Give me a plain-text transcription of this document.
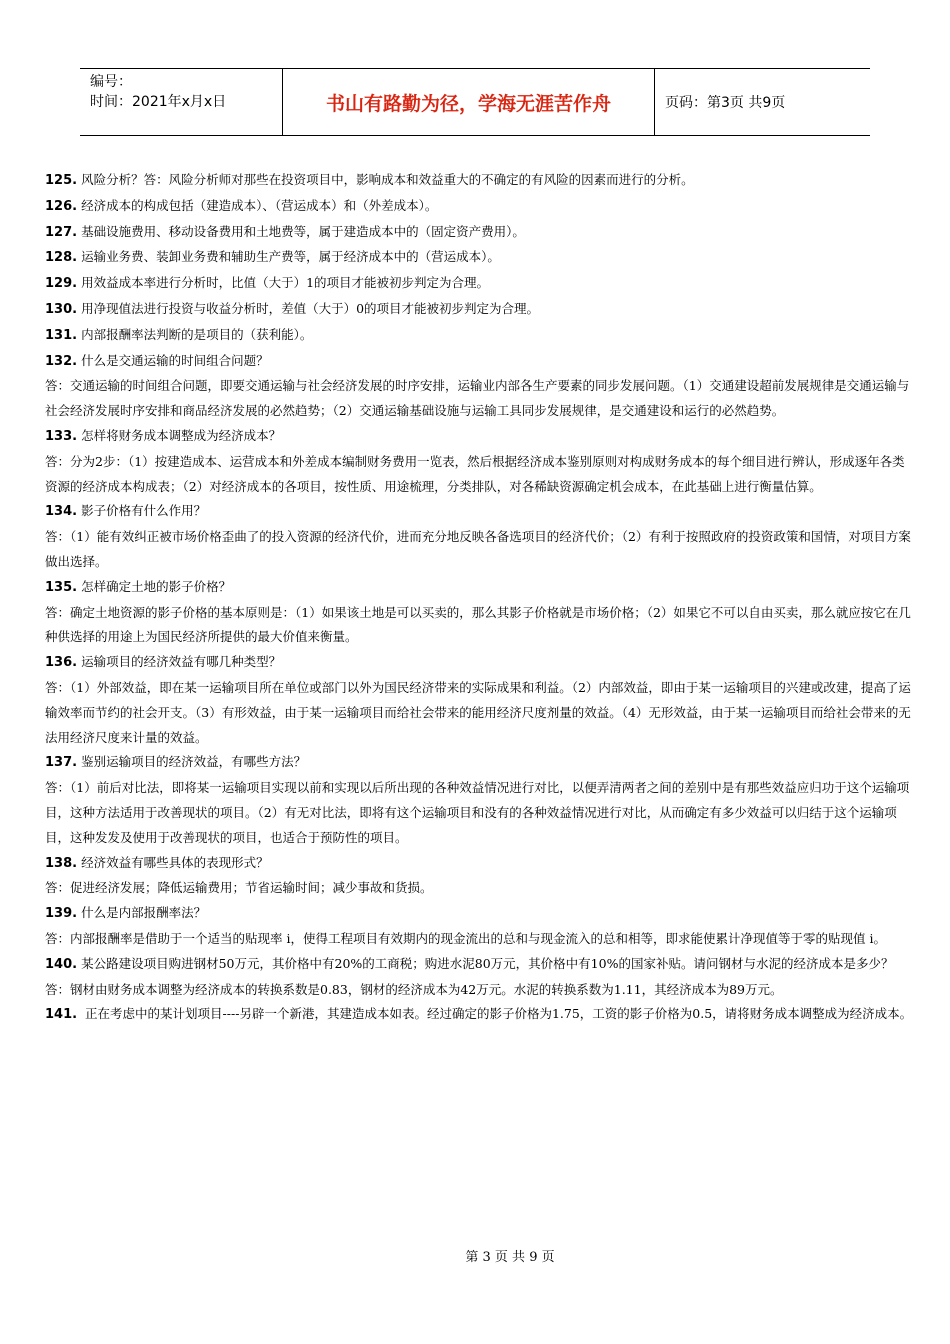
编号：
时间：2021年x月x日	书山有路勤为径，学海无涯苦作舟	页码：第3页 共9页
125. 风险分析？答：风险分析师对那些在投资项目中，影响成本和效益重大的不确定的有风险的因素而进行的分析。
126. 经济成本的构成包括（建造成本）、（营运成本）和（外差成本）。
127. 基础设施费用、移动设备费用和土地费等，属于建造成本中的（固定资产费用）。
128. 运输业务费、装卸业务费和辅助生产费等，属于经济成本中的（营运成本）。
129. 用效益成本率进行分析时，比值（大于）1的项目才能被初步判定为合理。
130. 用净现值法进行投资与收益分析时，差值（大于）0的项目才能被初步判定为合理。
131. 内部报酬率法判断的是项目的（获利能）。
132. 什么是交通运输的时间组合问题？
答：交通运输的时间组合问题，即要交通运输与社会经济发展的时序安排，运输业内部各生产要素的同步发展问题。（1）交通建设超前发展规律是交通运输与社会经济发展时序安排和商品经济发展的必然趋势；（2）交通运输基础设施与运输工具同步发展规律，是交通建设和运行的必然趋势。
133. 怎样将财务成本调整成为经济成本？
答：分为2步：（1）按建造成本、运营成本和外差成本编制财务费用一览表，然后根据经济成本鉴别原则对构成财务成本的每个细目进行辨认，形成逐年各类资源的经济成本构成表；（2）对经济成本的各项目，按性质、用途梳理，分类排队，对各稀缺资源确定机会成本，在此基础上进行衡量估算。
134. 影子价格有什么作用？
答：（1）能有效纠正被市场价格歪曲了的投入资源的经济代价，进而充分地反映各备选项目的经济代价；（2）有利于按照政府的投资政策和国情，对项目方案做出选择。
135. 怎样确定土地的影子价格？
答：确定土地资源的影子价格的基本原则是：（1）如果该土地是可以买卖的，那么其影子价格就是市场价格；（2）如果它不可以自由买卖，那么就应按它在几种供选择的用途上为国民经济所提供的最大价值来衡量。
136. 运输项目的经济效益有哪几种类型？
答：（1）外部效益，即在某一运输项目所在单位或部门以外为国民经济带来的实际成果和利益。（2）内部效益，即由于某一运输项目的兴建或改建，提高了运输效率而节约的社会开支。（3）有形效益，由于某一运输项目而给社会带来的能用经济尺度剂量的效益。（4）无形效益，由于某一运输项目而给社会带来的无法用经济尺度来计量的效益。
137. 鉴别运输项目的经济效益，有哪些方法？
答：（1）前后对比法，即将某一运输项目实现以前和实现以后所出现的各种效益情况进行对比，以便弄清两者之间的差别中是有那些效益应归功于这个运输项目，这种方法适用于改善现状的项目。（2）有无对比法，即将有这个运输项目和没有的各种效益情况进行对比，从而确定有多少效益可以归结于这个运输项目，这种发发及使用于改善现状的项目，也适合于预防性的项目。
138. 经济效益有哪些具体的表现形式？
答：促进经济发展；降低运输费用；节省运输时间；减少事故和货损。
139. 什么是内部报酬率法？
答：内部报酬率是借助于一个适当的贴现率 i，使得工程项目有效期内的现金流出的总和与现金流入的总和相等，即求能使累计净现值等于零的贴现值 i。
140. 某公路建设项目购进钢材50万元，其价格中有20%的工商税；购进水泥80万元，其价格中有10%的国家补贴。请问钢材与水泥的经济成本是多少？
答：钢材由财务成本调整为经济成本的转换系数是0.83，钢材的经济成本为42万元。水泥的转换系数为1.11，其经济成本为89万元。
141. 正在考虑中的某计划项目----另辟一个新港，其建造成本如表。经过确定的影子价格为1.75，工资的影子价格为0.5，请将财务成本调整成为经济成本。
第 3 页 共 9 页
